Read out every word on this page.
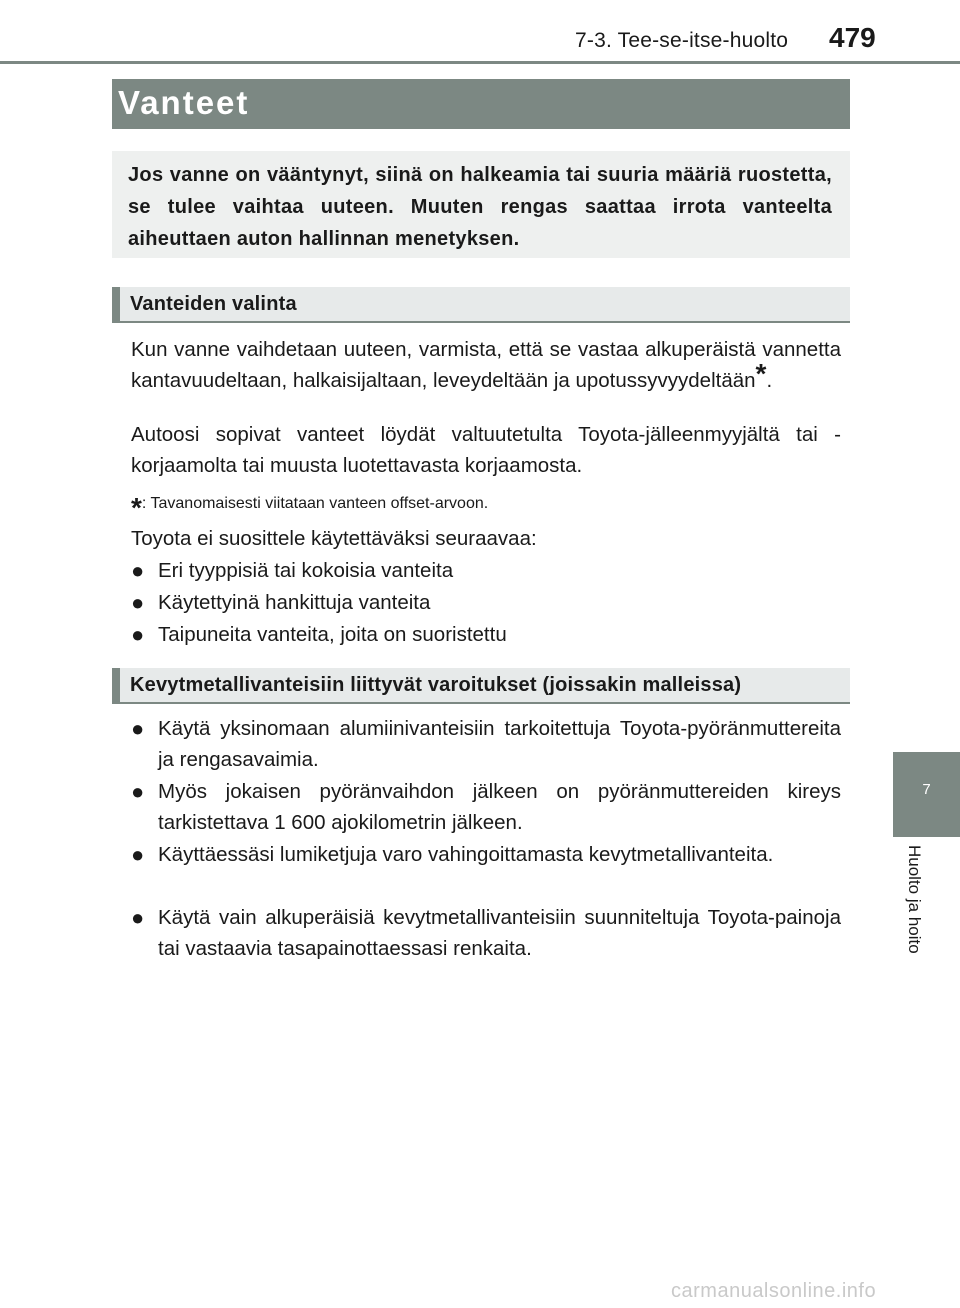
7-3. Tee-se-itse-huolto 479
Vanteet

Jos vanne on vääntynyt, siinä on halkeamia tai suuria määriä ruostetta, se tulee vaihtaa uuteen. Muuten rengas saattaa irrota vanteelta aiheuttaen auton hallinnan menetyksen.

Vanteiden valinta

Kun vanne vaihdetaan uuteen, varmista, että se vastaa alkuperäistä vannetta kantavuudeltaan, halkaisijaltaan, leveydeltään ja upotussyvyydeltään*.

Autoosi sopivat vanteet löydät valtuutetulta Toyota-jälleenmyyjältä tai -korjaamolta tai muusta luotettavasta korjaamosta.

*: Tavanomaisesti viitataan vanteen offset-arvoon.

Toyota ei suosittele käytettäväksi seuraavaa:

● Eri tyyppisiä tai kokoisia vanteita
● Käytettyinä hankittuja vanteita
● Taipuneita vanteita, joita on suoristettu
Kevytmetallivanteisiin liittyvät varoitukset (joissakin malleissa)
● Käytä yksinomaan alumiinivanteisiin tarkoitettuja Toyota-pyöränmuttereita ja rengasavaimia.
● Myös jokaisen pyöränvaihdon jälkeen on pyöränmuttereiden kireys tarkistettava 1 600 ajokilometrin jälkeen.
● Käyttäessäsi lumiketjuja varo vahingoittamasta kevytmetallivanteita.
● Käytä vain alkuperäisiä kevytmetallivanteisiin suunniteltuja Toyota-painoja tai vastaavia tasapainottaessasi renkaita.
7
Huolto ja hoito
carmanualsonline.info
